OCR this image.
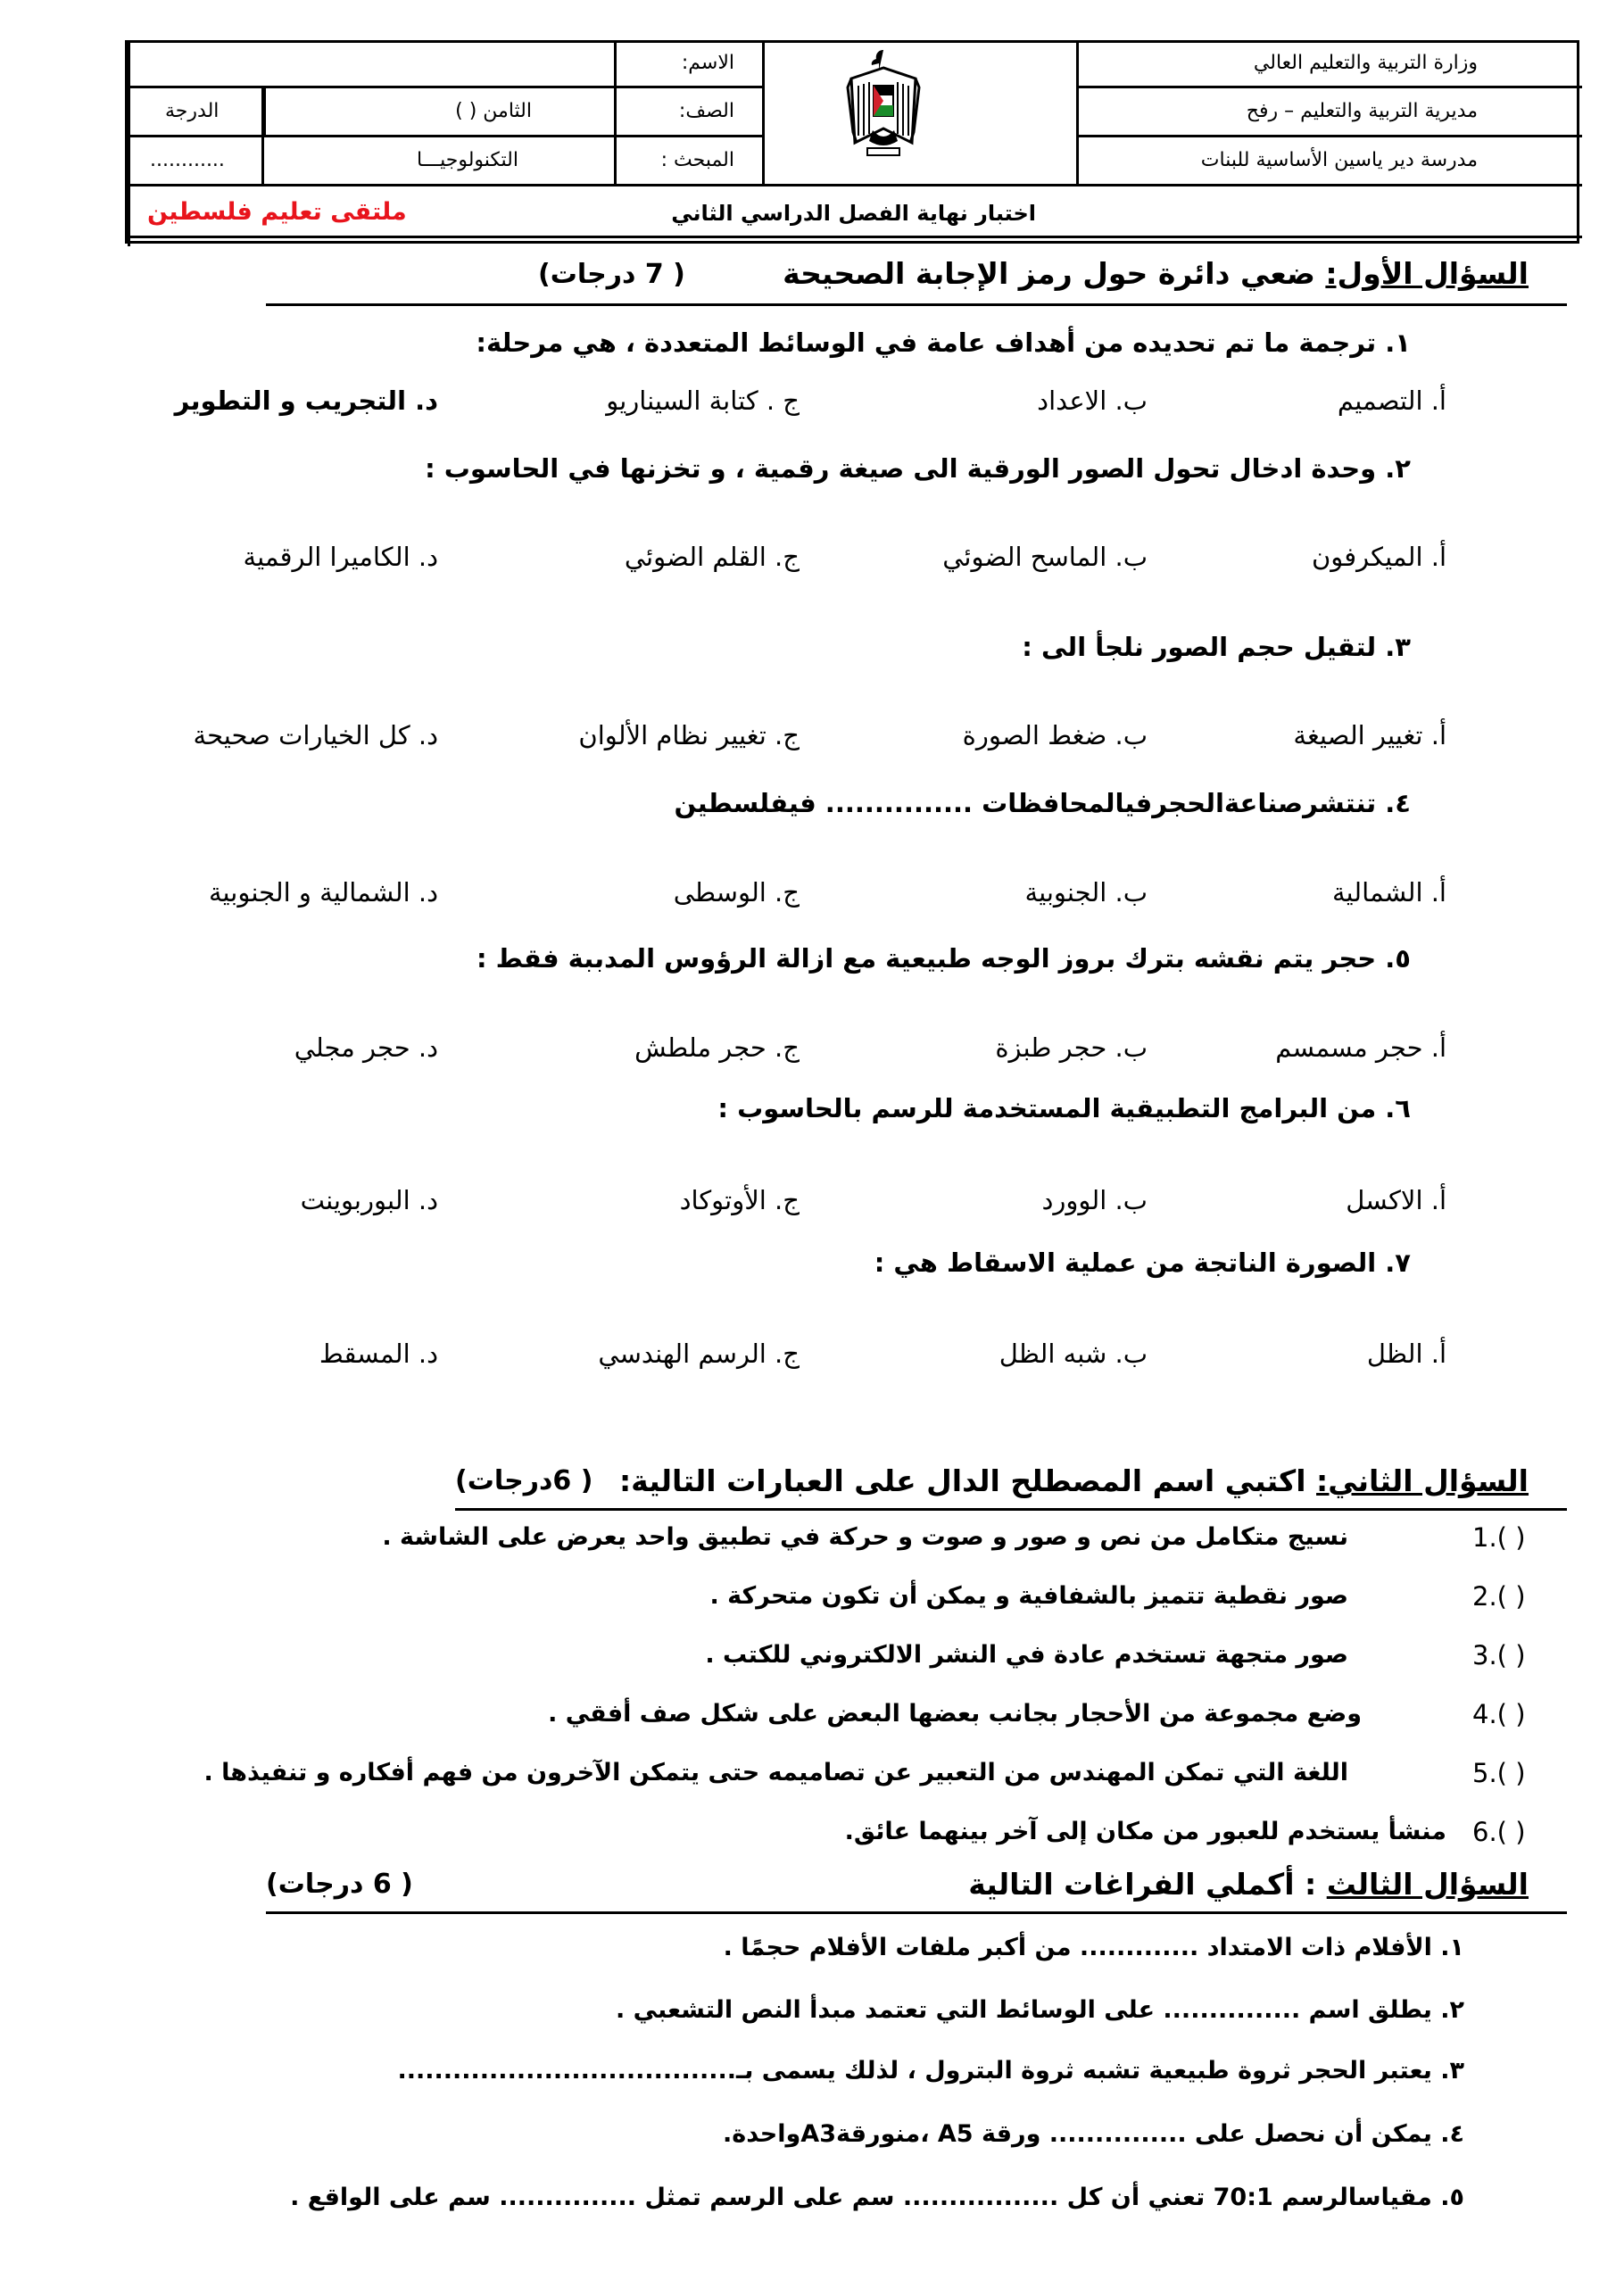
وزارة التربية والتعليم العالي
مديرية التربية والتعليم – رفح
مدرسة دير ياسين الأساسية للبنات
الاسم:
الصف:
المبحث :
الثامن ( )
التكنولوجيـــا
الدرجة
............
اختبار نهاية الفصل الدراسي الثاني
ملتقى تعليم فلسطين
السؤال الأول: ضعي دائرة حول رمز الإجابة الصحيحة
( 7 درجات)
١. ترجمة ما تم تحديده من أهداف عامة في الوسائط المتعددة ، هي مرحلة:
أ. التصميم
ب. الاعداد
ج . كتابة السيناريو
د. التجريب و التطوير
٢. وحدة ادخال تحول الصور الورقية الى صيغة رقمية ، و تخزنها في الحاسوب :
أ. الميكرفون
ب. الماسح الضوئي
ج. القلم الضوئي
د. الكاميرا الرقمية
٣. لتقيل حجم الصور نلجأ الى :
أ. تغيير الصيغة
ب. ضغط الصورة
ج. تغيير نظام الألوان
د. كل الخيارات صحيحة
٤. تنتشرصناعةالحجرفيالمحافظات ............... فيفلسطين
أ. الشمالية
ب. الجنوبية
ج. الوسطى
د. الشمالية و الجنوبية
٥. حجر يتم نقشه بترك بروز الوجه طبيعية مع ازالة الرؤوس المدببة فقط :
أ. حجر مسمسم
ب. حجر طبزة
ج. حجر ملطش
د. حجر مجلي
٦. من البرامج التطبيقية المستخدمة للرسم بالحاسوب :
أ. الاكسل
ب. الوورد
ج. الأوتوكاد
د. البوربوينت
٧. الصورة الناتجة من عملية الاسقاط هي :
أ. الظل
ب. شبه الظل
ج. الرسم الهندسي
د. المسقط
السؤال الثاني: اكتبي اسم المصطلح الدال على العبارات التالية:
( 6درجات)
1.( )
نسيج متكامل من نص و صور و صوت و حركة في تطبيق واحد يعرض على الشاشة .
2.( )
صور نقطية تتميز بالشفافية و يمكن أن تكون متحركة .
3.( )
صور متجهة تستخدم عادة في النشر الالكتروني للكتب .
4.( )
وضع مجموعة من الأحجار بجانب بعضها البعض على شكل صف أفقي .
5.( )
اللغة التي تمكن المهندس من التعبير عن تصاميمه حتى يتمكن الآخرون من فهم أفكاره و تنفيذها .
6.( )
منشأ يستخدم للعبور من مكان إلى آخر بينهما عائق.
السؤال الثالث : أكملي الفراغات التالية
( 6 درجات)
١. الأفلام ذات الامتداد ............. من أكبر ملفات الأفلام حجمًا .
٢. يطلق اسم ............... على الوسائط التي تعتمد مبدأ النص التشعبي .
٣. يعتبر الحجر ثروة طبيعية تشبه ثروة البترول ، لذلك يسمى بـ.....................................
٤. يمكن أن نحصل على ............... ورقة A5 ،منورقةA3واحدة.
٥. مقياسالرسم 70:1 تعني أن كل ................. سم على الرسم تمثل ............... سم على الواقع .
